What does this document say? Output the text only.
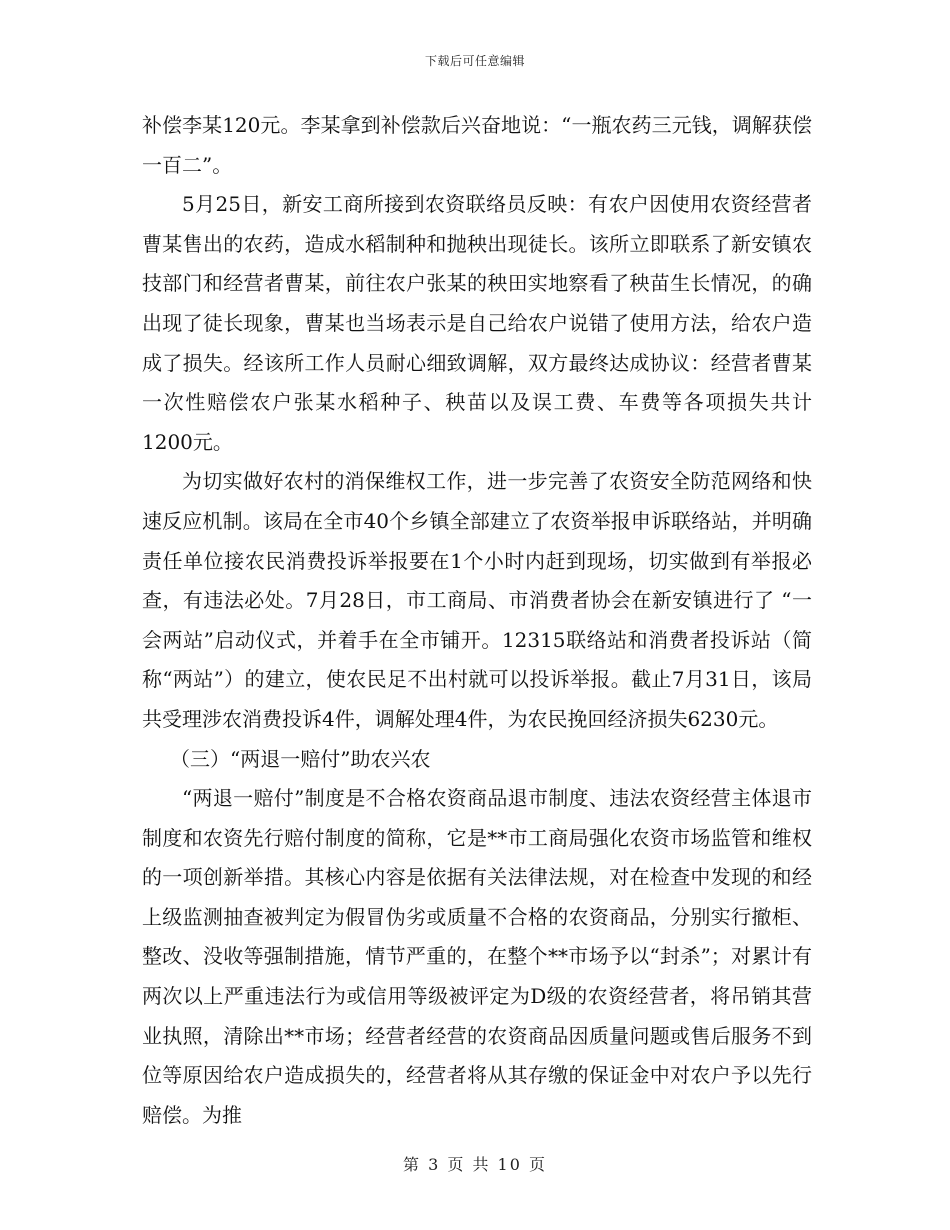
下载后可任意编辑

补偿李某120元。李某拿到补偿款后兴奋地说：“一瓶农药三元钱，调解获偿一百二”。

5月25日，新安工商所接到农资联络员反映：有农户因使用农资经营者曹某售出的农药，造成水稻制种和抛秧出现徒长。该所立即联系了新安镇农技部门和经营者曹某，前往农户张某的秧田实地察看了秧苗生长情况，的确出现了徒长现象，曹某也当场表示是自己给农户说错了使用方法，给农户造成了损失。经该所工作人员耐心细致调解，双方最终达成协议：经营者曹某一次性赔偿农户张某水稻种子、秧苗以及误工费、车费等各项损失共计1200元。

为切实做好农村的消保维权工作，进一步完善了农资安全防范网络和快速反应机制。该局在全市40个乡镇全部建立了农资举报申诉联络站，并明确责任单位接农民消费投诉举报要在1个小时内赶到现场，切实做到有举报必查，有违法必处。7月28日，市工商局、市消费者协会在新安镇进行了 “一会两站”启动仪式，并着手在全市铺开。12315联络站和消费者投诉站（简称“两站”）的建立，使农民足不出村就可以投诉举报。截止7月31日，该局共受理涉农消费投诉4件，调解处理4件，为农民挽回经济损失6230元。

（三）“两退一赔付”助农兴农

“两退一赔付”制度是不合格农资商品退市制度、违法农资经营主体退市制度和农资先行赔付制度的简称，它是**市工商局强化农资市场监管和维权的一项创新举措。其核心内容是依据有关法律法规，对在检查中发现的和经上级监测抽查被判定为假冒伪劣或质量不合格的农资商品，分别实行撤柜、整改、没收等强制措施，情节严重的，在整个**市场予以“封杀”；对累计有两次以上严重违法行为或信用等级被评定为D级的农资经营者，将吊销其营业执照，清除出**市场；经营者经营的农资商品因质量问题或售后服务不到位等原因给农户造成损失的，经营者将从其存缴的保证金中对农户予以先行赔偿。为推

第 3 页 共 10 页
